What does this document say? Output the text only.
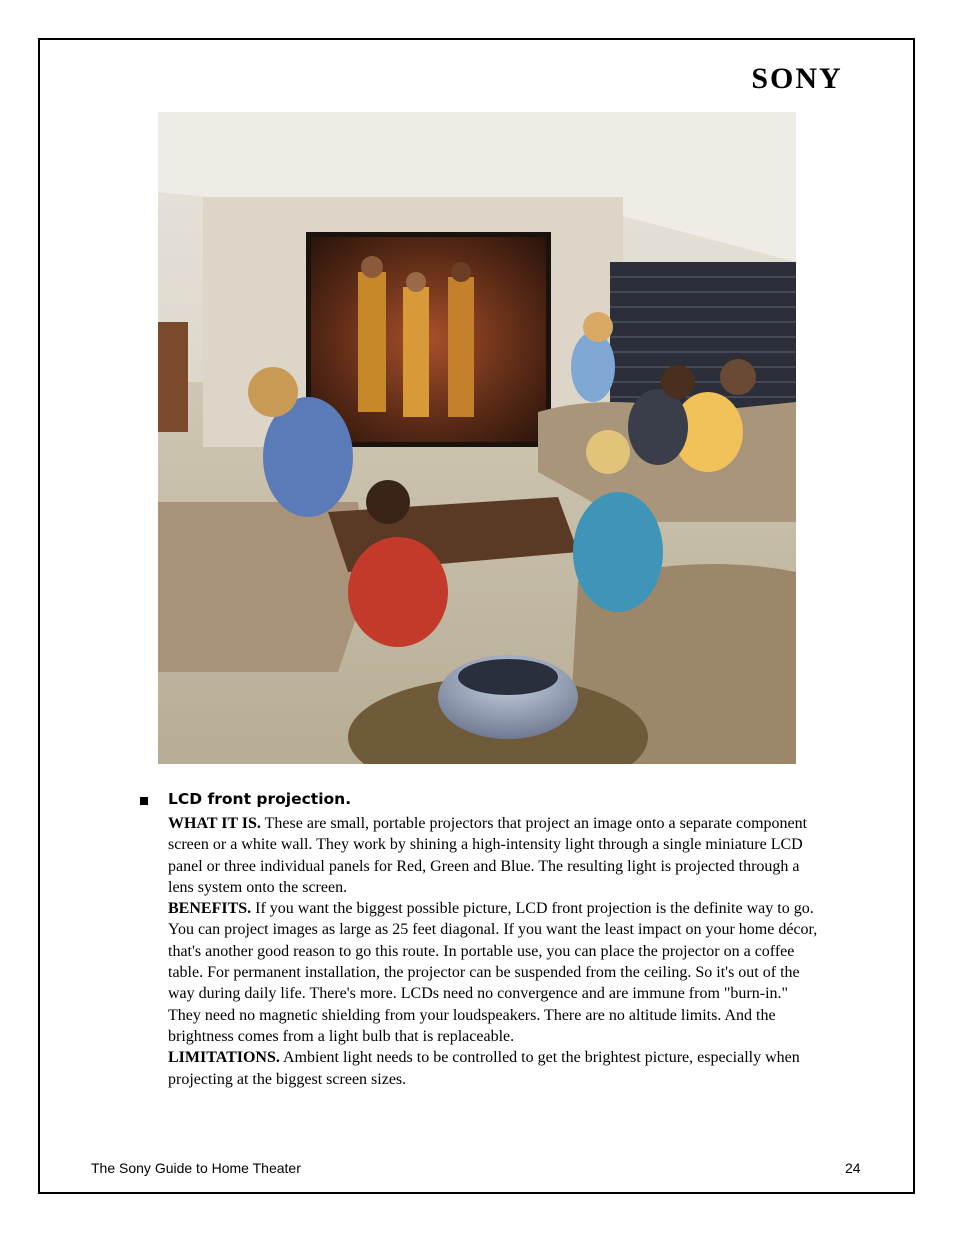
SONY
LCD front projection.

WHAT IT IS. These are small, portable projectors that project an image onto a separate component screen or a white wall. They work by shining a high-intensity light through a single miniature LCD panel or three individual panels for Red, Green and Blue. The resulting light is projected through a lens system onto the screen.

BENEFITS. If you want the biggest possible picture, LCD front projection is the definite way to go. You can project images as large as 25 feet diagonal. If you want the least impact on your home décor, that's another good reason to go this route. In portable use, you can place the projector on a coffee table. For permanent installation, the projector can be suspended from the ceiling. So it's out of the way during daily life. There's more. LCDs need no convergence and are immune from "burn-in." They need no magnetic shielding from your loudspeakers. There are no altitude limits. And the brightness comes from a light bulb that is replaceable.

LIMITATIONS. Ambient light needs to be controlled to get the brightest picture, especially when projecting at the biggest screen sizes.

The Sony Guide to Home Theater	24
